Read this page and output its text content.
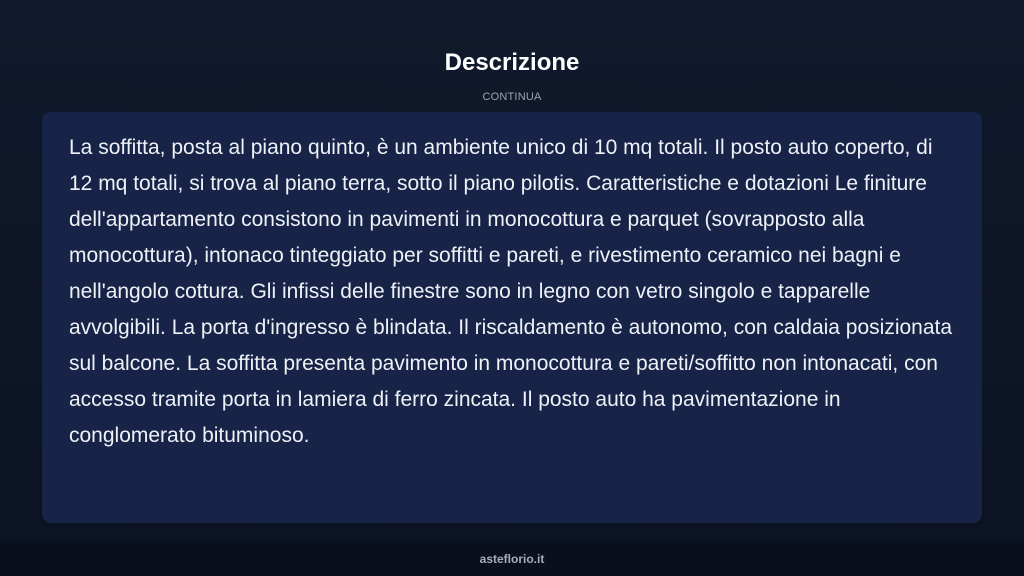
Descrizione
CONTINUA

La soffitta, posta al piano quinto, è un ambiente unico di 10 mq totali. Il posto auto coperto, di 12 mq totali, si trova al piano terra, sotto il piano pilotis. Caratteristiche e dotazioni Le finiture dell'appartamento consistono in pavimenti in monocottura e parquet (sovrapposto alla monocottura), intonaco tinteggiato per soffitti e pareti, e rivestimento ceramico nei bagni e nell'angolo cottura. Gli infissi delle finestre sono in legno con vetro singolo e tapparelle avvolgibili. La porta d'ingresso è blindata. Il riscaldamento è autonomo, con caldaia posizionata sul balcone. La soffitta presenta pavimento in monocottura e pareti/soffitto non intonacati, con accesso tramite porta in lamiera di ferro zincata. Il posto auto ha pavimentazione in conglomerato bituminoso.

asteflorio.it
